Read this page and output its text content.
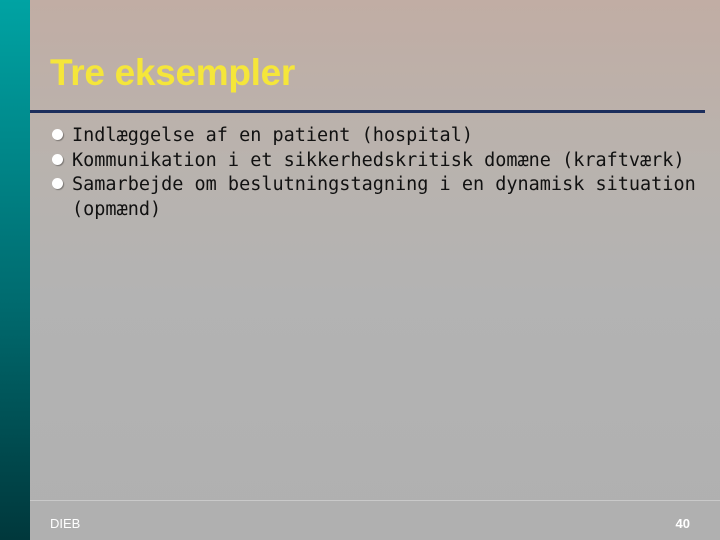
Tre eksempler
Indlæggelse af en patient (hospital)
Kommunikation i et sikkerhedskritisk domæne (kraftværk)
Samarbejde om beslutningstagning i en dynamisk situation (opmænd)
DIEB	40
